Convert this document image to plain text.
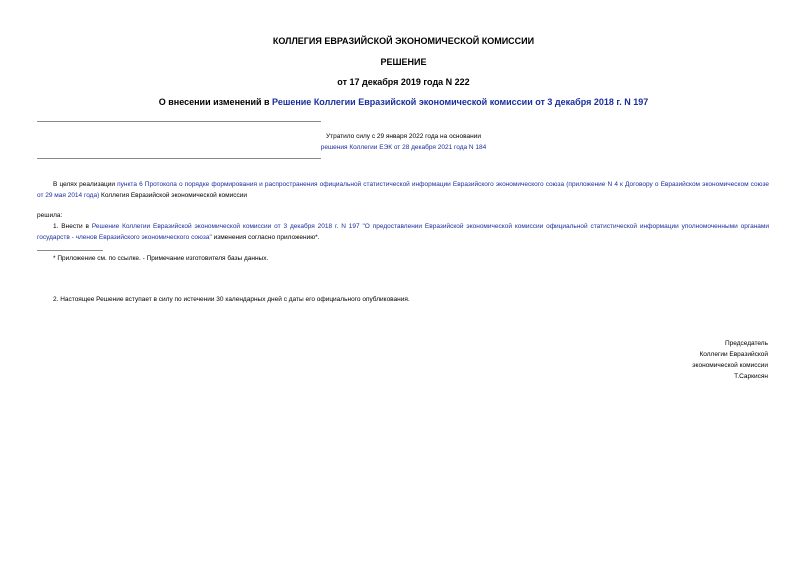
КОЛЛЕГИЯ ЕВРАЗИЙСКОЙ ЭКОНОМИЧЕСКОЙ КОМИССИИ
РЕШЕНИЕ
от 17 декабря 2019 года N 222
О внесении изменений в Решение Коллегии Евразийской экономической комиссии от 3 декабря 2018 г. N 197
Утратило силу с 29 января 2022 года на основании
решения Коллегии ЕЭК от 28 декабря 2021 года N 184
В целях реализации пункта 6 Протокола о порядке формирования и распространения официальной статистической информации Евразийского экономического союза (приложение N 4 к Договору о Евразийском экономическом союзе от 29 мая 2014 года) Коллегия Евразийской экономической комиссии
решила:
1. Внести в Решение Коллегии Евразийской экономической комиссии от 3 декабря 2018 г. N 197 "О предоставлении Евразийской экономической комиссии официальной статистической информации уполномоченными органами государств - членов Евразийского экономического союза" изменения согласно приложению*.
* Приложение см. по ссылке. - Примечание изготовителя базы данных.
2. Настоящее Решение вступает в силу по истечении 30 календарных дней с даты его официального опубликования.
Председатель
Коллегии Евразийской
экономической комиссии
Т.Саркисян
